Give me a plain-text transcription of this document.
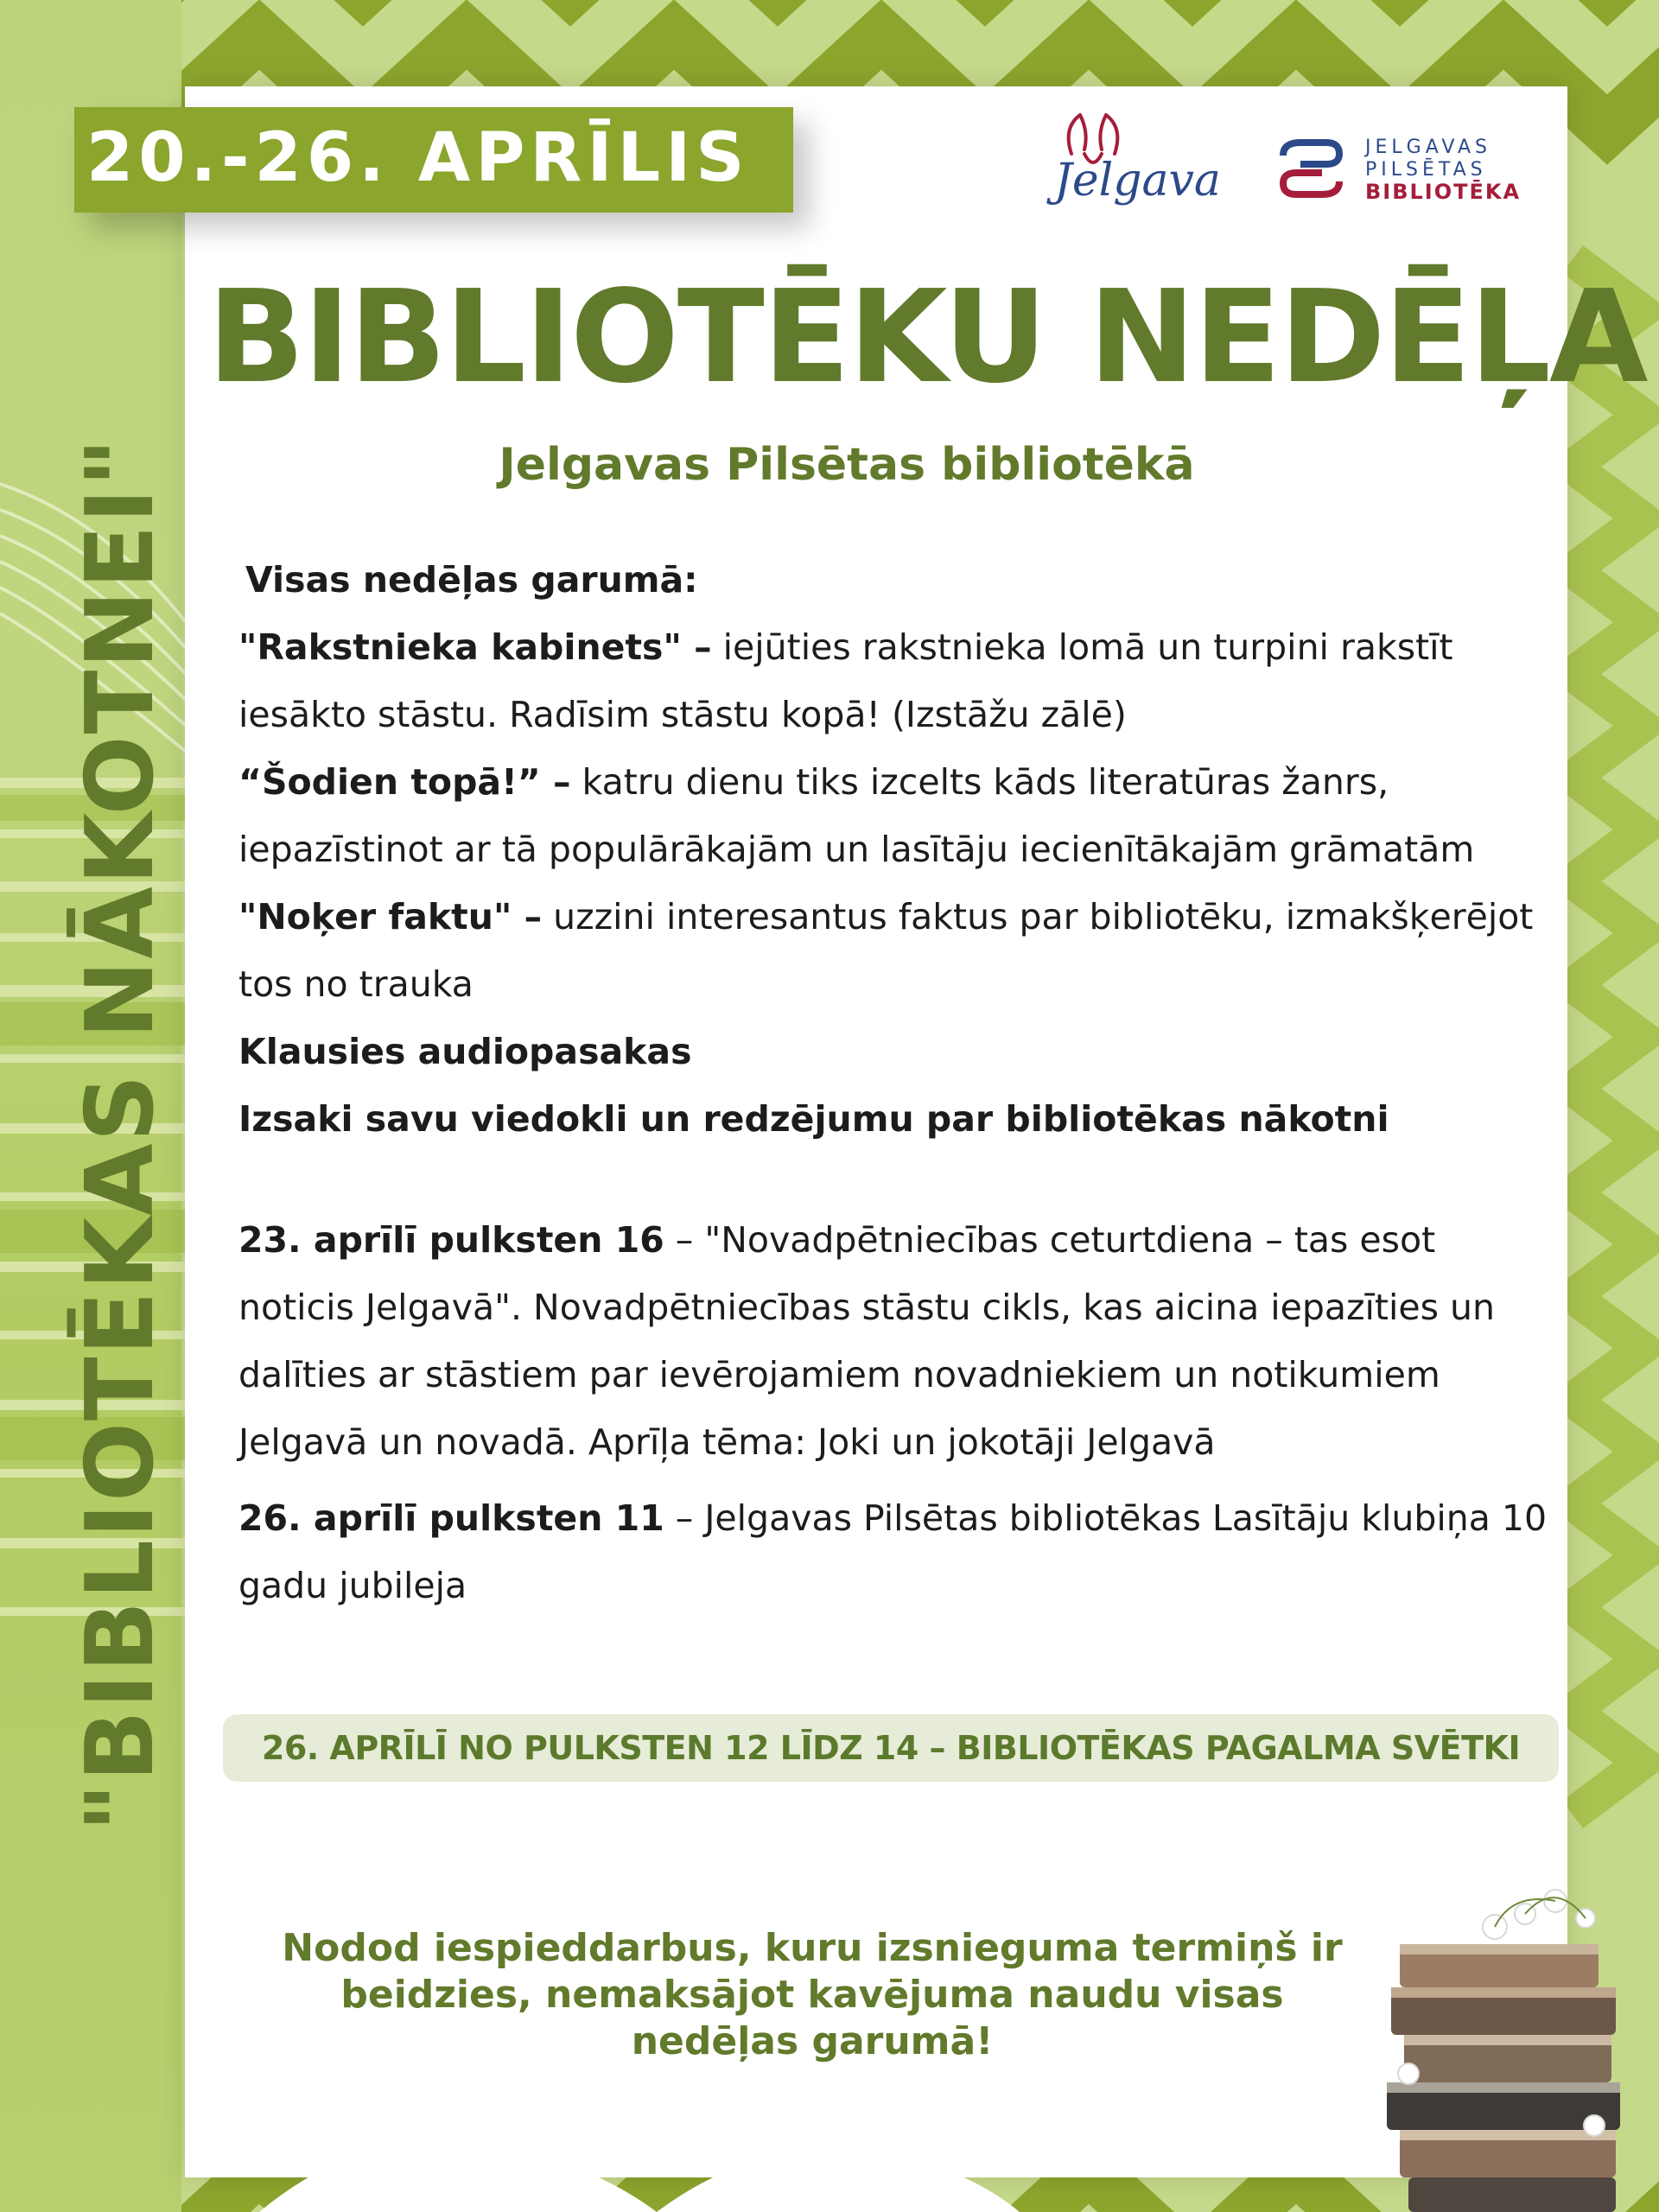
20.-26. APRĪLIS	Jelgava
JELGAVAS
PILSĒTAS
BIBLIOTĒKA
BIBLIOTĒKU NEDĒĻA
Jelgavas Pilsētas bibliotēkā

Visas nedēļas garumā:

"Rakstnieka kabinets" – iejūties rakstnieka lomā un turpini rakstīt iesākto stāstu. Radīsim stāstu kopā! (Izstāžu zālē)

“Šodien topā!” – katru dienu tiks izcelts kāds literatūras žanrs, iepazīstinot ar tā populārākajām un lasītāju iecienītākajām grāmatām

"Noķer faktu" – uzzini interesantus faktus par bibliotēku, izmakšķerējot tos no trauka

Klausies audiopasakas

Izsaki savu viedokli un redzējumu par bibliotēkas nākotni

23. aprīlī pulksten 16 – "Novadpētniecības ceturtdiena – tas esot noticis Jelgavā". Novadpētniecības stāstu cikls, kas aicina iepazīties un dalīties ar stāstiem par ievērojamiem novadniekiem un notikumiem Jelgavā un novadā. Aprīļa tēma: Joki un jokotāji Jelgavā

26. aprīlī pulksten 11 – Jelgavas Pilsētas bibliotēkas Lasītāju klubiņa 10 gadu jubileja

26. APRĪLĪ NO PULKSTEN 12 LĪDZ 14 – BIBLIOTĒKAS PAGALMA SVĒTKI
Nodod iespieddarbus, kuru izsnieguma termiņš ir beidzies, nemaksājot kavējuma naudu visas nedēļas garumā!
"BIBLIOTĒKAS NĀKOTNEI"
